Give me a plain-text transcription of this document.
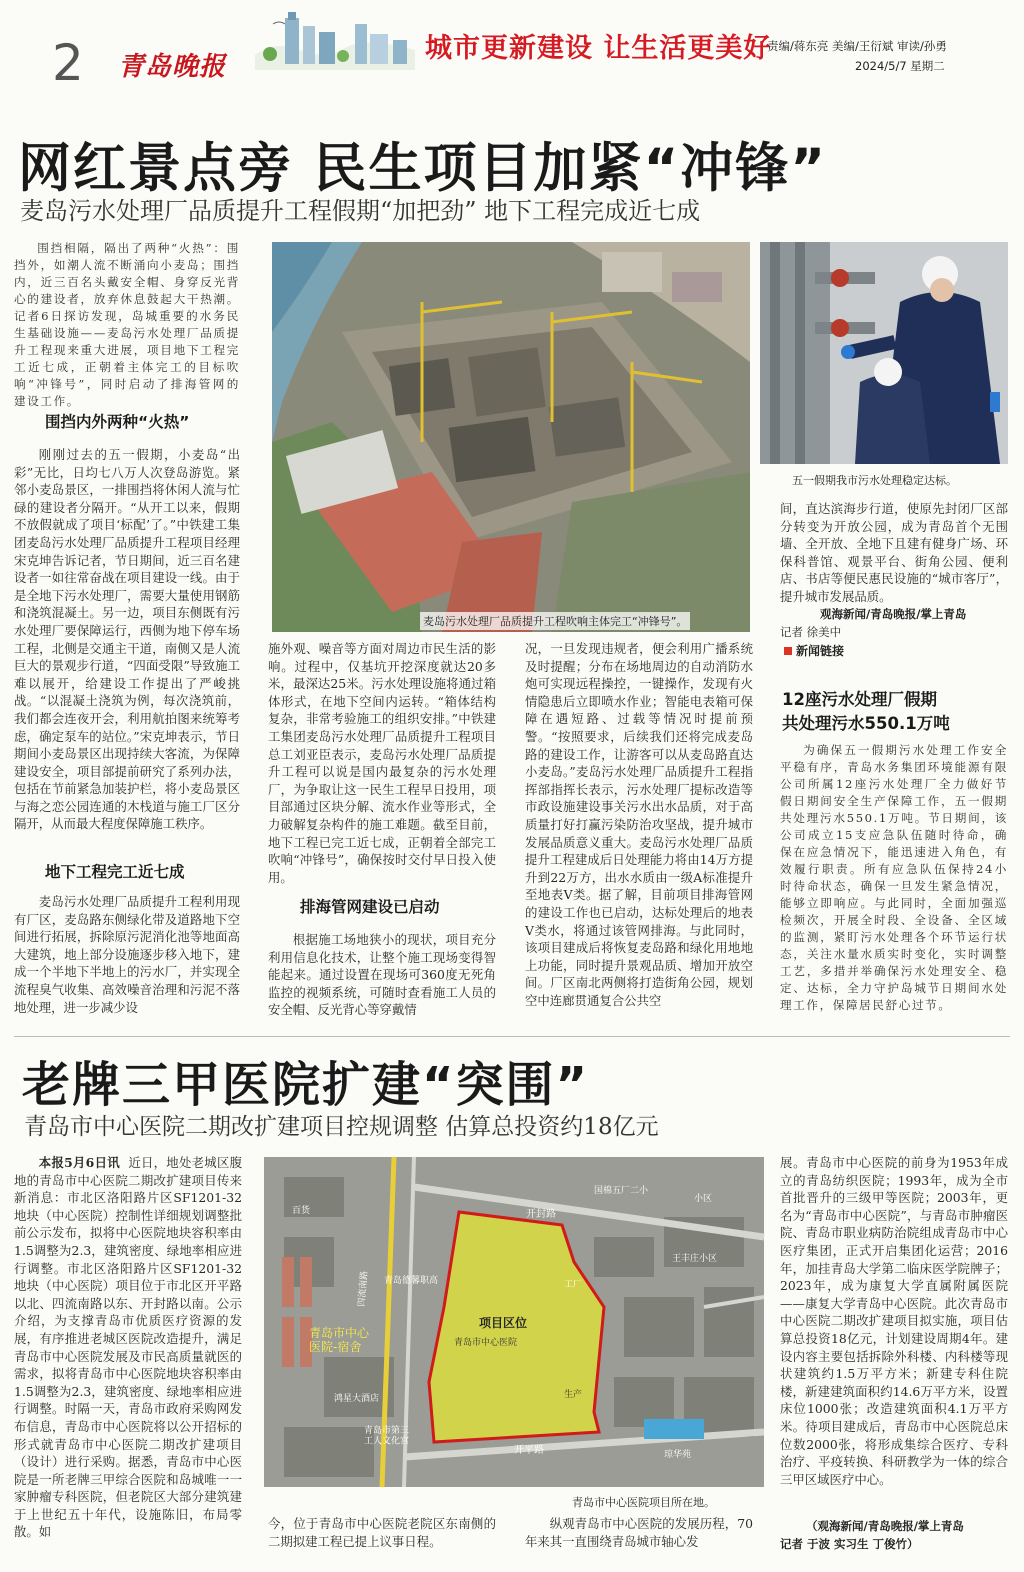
2 青岛晚报
城市更新建设 让生活更美好
责编/蒋东亮 美编/王衍斌 审读/孙勇
2024/5/7 星期二
网红景点旁 民生项目加紧“冲锋”
麦岛污水处理厂品质提升工程假期“加把劲” 地下工程完成近七成

围挡相隔，隔出了两种“火热”：围挡外，如潮人流不断涌向小麦岛；围挡内，近三百名头戴安全帽、身穿反光背心的建设者，放弃休息鼓起大干热潮。记者6日探访发现，岛城重要的水务民生基础设施——麦岛污水处理厂品质提升工程现来重大进展，项目地下工程完工近七成，正朝着主体完工的目标吹响“冲锋号”，同时启动了排海管网的建设工作。

围挡内外两种“火热”

刚刚过去的五一假期，小麦岛“出彩”无比，日均七八万人次登岛游览。紧邻小麦岛景区，一排围挡将休闲人流与忙碌的建设者分隔开。“从开工以来，假期不放假就成了项目‘标配’了。”中铁建工集团麦岛污水处理厂品质提升工程项目经理宋克坤告诉记者，节日期间，近三百名建设者一如往常奋战在项目建设一线。由于是全地下污水处理厂，需要大量使用钢筋和浇筑混凝土。另一边，项目东侧既有污水处理厂要保障运行，西侧为地下停车场工程，北侧是交通主干道，南侧又是人流巨大的景观步行道，“四面受限”导致施工难以展开，给建设工作提出了严峻挑战。“以混凝土浇筑为例，每次浇筑前，我们都会连夜开会，利用航拍图来统筹考虑，确定泵车的站位。”宋克坤表示，节日期间小麦岛景区出现持续大客流，为保障建设安全，项目部提前研究了系列办法，包括在节前紧急加装护栏，将小麦岛景区与海之恋公园连通的木栈道与施工厂区分隔开，从而最大程度保障施工秩序。

地下工程完工近七成

麦岛污水处理厂品质提升工程利用现有厂区，麦岛路东侧绿化带及道路地下空间进行拓展，拆除原污泥消化池等地面高大建筑，地上部分设施逐步移入地下，建成一个半地下半地上的污水厂，并实现全流程臭气收集、高效噪音治理和污泥不落地处理，进一步减少设

麦岛污水处理厂品质提升工程吹响主体完工“冲锋号”。
五一假期我市污水处理稳定达标。

施外观、噪音等方面对周边市民生活的影响。过程中，仅基坑开挖深度就达20多米，最深达25米。污水处理设施将通过箱体形式，在地下空间内运转。“箱体结构复杂，非常考验施工的组织安排。”中铁建工集团麦岛污水处理厂品质提升工程项目总工刘亚臣表示，麦岛污水处理厂品质提升工程可以说是国内最复杂的污水处理厂，为争取让这一民生工程早日投用，项目部通过区块分解、流水作业等形式，全力破解复杂构件的施工难题。截至目前，地下工程已完工近七成，正朝着全部完工吹响“冲锋号”，确保按时交付早日投入使用。

排海管网建设已启动

根据施工场地狭小的现状，项目充分利用信息化技术，让整个施工现场变得智能起来。通过设置在现场可360度无死角监控的视频系统，可随时查看施工人员的安全帽、反光背心等穿戴情

况，一旦发现违规者，便会利用广播系统及时提醒；分布在场地周边的自动消防水炮可实现远程操控，一键操作，发现有火情隐患后立即喷水作业；智能电表箱可保障在遇短路、过载等情况时提前预警。“按照要求，后续我们还将完成麦岛路的建设工作，让游客可以从麦岛路直达小麦岛。”麦岛污水处理厂品质提升工程指挥部指挥长表示，污水处理厂提标改造等市政设施建设事关污水出水品质，对于高质量打好打赢污染防治攻坚战，提升城市发展品质意义重大。麦岛污水处理厂品质提升工程建成后日处理能力将由14万方提升到22万方，出水水质由一级A标准提升至地表V类。据了解，目前项目排海管网的建设工作也已启动，达标处理后的地表V类水，将通过该管网排海。与此同时，该项目建成后将恢复麦岛路和绿化用地地上功能，同时提升景观品质、增加开放空间。厂区南北两侧将打造街角公园，规划空中连廊贯通复合公共空

间，直达滨海步行道，使原先封闭厂区部分转变为开放公园，成为青岛首个无围墙、全开放、全地下且建有健身广场、环保科普馆、观景平台、街角公园、便利店、书店等便民惠民设施的“城市客厅”，提升城市发展品质。

观海新闻/青岛晚报/掌上青岛
记者 徐美中
新闻链接
12座污水处理厂假期
共处理污水550.1万吨

为确保五一假期污水处理工作安全平稳有序，青岛水务集团环境能源有限公司所属12座污水处理厂全力做好节假日期间安全生产保障工作，五一假期共处理污水550.1万吨。节日期间，该公司成立15支应急队伍随时待命，确保在应急情况下，能迅速进入角色，有效履行职责。所有应急队伍保持24小时待命状态，确保一旦发生紧急情况，能够立即响应。与此同时，全面加强巡检频次，开展全时段、全设备、全区域的监测，紧盯污水处理各个环节运行状态，关注水量水质实时变化，实时调整工艺，多措并举确保污水处理安全、稳定、达标，全力守护岛城节日期间水处理工作，保障居民舒心过节。

老牌三甲医院扩建“突围”
青岛市中心医院二期改扩建项目控规调整 估算总投资约18亿元

本报5月6日讯 近日，地处老城区腹地的青岛市中心医院二期改扩建项目传来新消息：市北区洛阳路片区SF1201-32地块（中心医院）控制性详细规划调整批前公示发布，拟将中心医院地块容积率由1.5调整为2.3，建筑密度、绿地率相应进行调整。市北区洛阳路片区SF1201-32地块（中心医院）项目位于市北区开平路以北、四流南路以东、开封路以南。公示介绍，为支撑青岛市优质医疗资源的发展，有序推进老城区医院改造提升，满足青岛市中心医院发展及市民高质量就医的需求，拟将青岛市中心医院地块容积率由1.5调整为2.3，建筑密度、绿地率相应进行调整。时隔一天，青岛市政府采购网发布信息，青岛市中心医院将以公开招标的形式就青岛市中心医院二期改扩建项目（设计）进行采购。据悉，青岛市中心医院是一所老牌三甲综合医院和岛城唯一一家肿瘤专科医院，但老院区大部分建筑建于上世纪五十年代，设施陈旧，布局零散。如

青岛市中心医院-宿舍
项目区位
青岛市中心医院
开封路
开平路
四流南路 青岛德馨职高
鸿星大酒店
青岛市第三工人文化宫
国棉五厂二小
工厂
小区
王丰庄小区
百货
琼华苑
生产
青岛市中心医院项目所在地。

今，位于青岛市中心医院老院区东南侧的二期拟建工程已提上议事日程。

纵观青岛市中心医院的发展历程，70年来其一直围绕青岛城市轴心发

展。青岛市中心医院的前身为1953年成立的青岛纺织医院；1993年，成为全市首批晋升的三级甲等医院；2003年，更名为“青岛市中心医院”，与青岛市肿瘤医院、青岛市职业病防治院组成青岛市中心医疗集团，正式开启集团化运营；2016年，加挂青岛大学第二临床医学院牌子；2023年，成为康复大学直属附属医院——康复大学青岛中心医院。此次青岛市中心医院二期改扩建项目拟实施，项目估算总投资18亿元，计划建设周期4年。建设内容主要包括拆除外科楼、内科楼等现状建筑约1.5万平方米；新建专科住院楼，新建建筑面积约14.6万平方米，设置床位1000张；改造建筑面积4.1万平方米。待项目建成后，青岛市中心医院总床位数2000张，将形成集综合医疗、专科治疗、平疫转换、科研教学为一体的综合三甲区域医疗中心。

（观海新闻/青岛晚报/掌上青岛
记者 于波 实习生 丁俊竹）
